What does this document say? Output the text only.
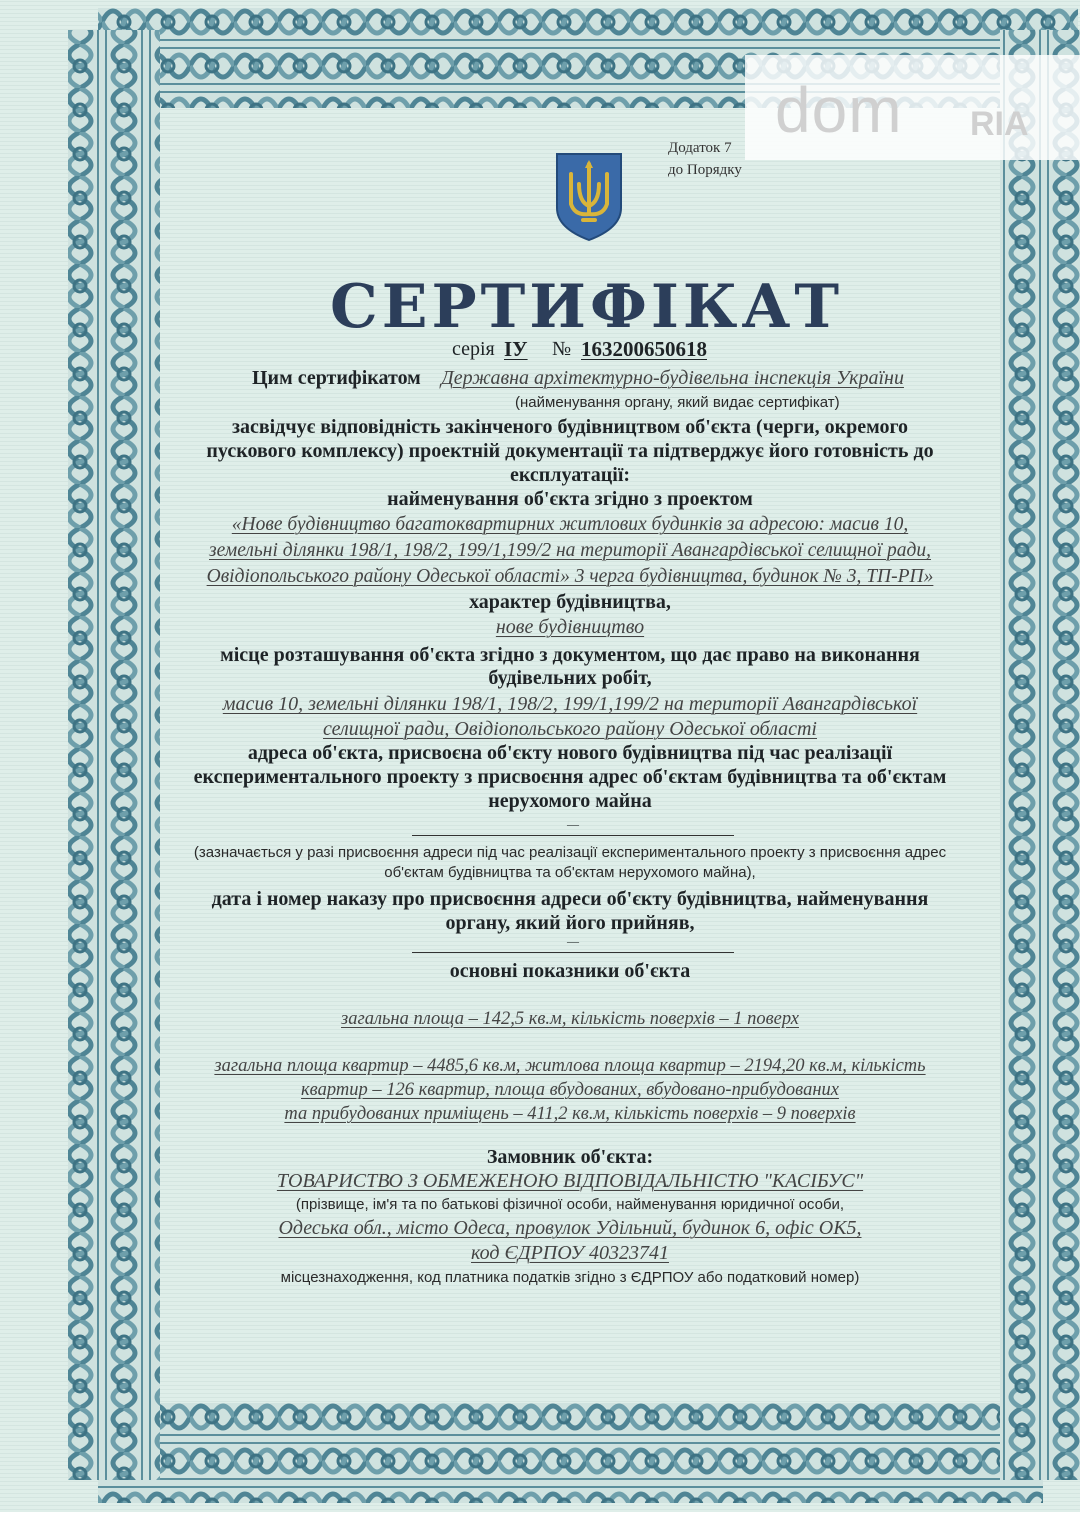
dom RIA
Додаток 7
до Порядку
СЕРТИФІКАТ
серія ІУ № 163200650618
Цим сертифікатом Державна архітектурно-будівельна інспекція України
(найменування органу, який видає сертифікат)
засвідчує відповідність закінченого будівництвом об'єкта (черги, окремого
пускового комплексу) проектній документації та підтверджує його готовність до
експлуатації:
найменування об'єкта згідно з проектом
«Нове будівництво багатоквартирних житлових будинків за адресою: масив 10,
земельні ділянки 198/1, 198/2, 199/1,199/2 на території Авангардівської селищної ради,
Овідіопольського району Одеської області» 3 черга будівництва, будинок № 3, ТП-РП»
характер будівництва,
нове будівництво
місце розташування об'єкта згідно з документом, що дає право на виконання
будівельних робіт,
масив 10, земельні ділянки 198/1, 198/2, 199/1,199/2 на території Авангардівської
селищної ради, Овідіопольського району Одеської області
адреса об'єкта, присвоєна об'єкту нового будівництва під час реалізації
експериментального проекту з присвоєння адрес об'єктам будівництва та об'єктам
нерухомого майна
—
(зазначається у разі присвоєння адреси під час реалізації експериментального проекту з присвоєння адрес
об'єктам будівництва та об'єктам нерухомого майна),
дата і номер наказу про присвоєння адреси об'єкту будівництва, найменування
органу, який його прийняв,
—
основні показники об'єкта
загальна площа – 142,5 кв.м, кількість поверхів – 1 поверх
загальна площа квартир – 4485,6 кв.м, житлова площа квартир – 2194,20 кв.м, кількість
квартир – 126 квартир, площа вбудованих, вбудовано-прибудованих
та прибудованих приміщень – 411,2 кв.м, кількість поверхів – 9 поверхів
Замовник об'єкта:
ТОВАРИСТВО З ОБМЕЖЕНОЮ ВІДПОВІДАЛЬНІСТЮ "КАСІБУС"
(прізвище, ім'я та по батькові фізичної особи, найменування юридичної особи,
Одеська обл., місто Одеса, провулок Удільний, будинок 6, офіс ОК5,
код ЄДРПОУ 40323741
місцезнаходження, код платника податків згідно з ЄДРПОУ або податковий номер)
